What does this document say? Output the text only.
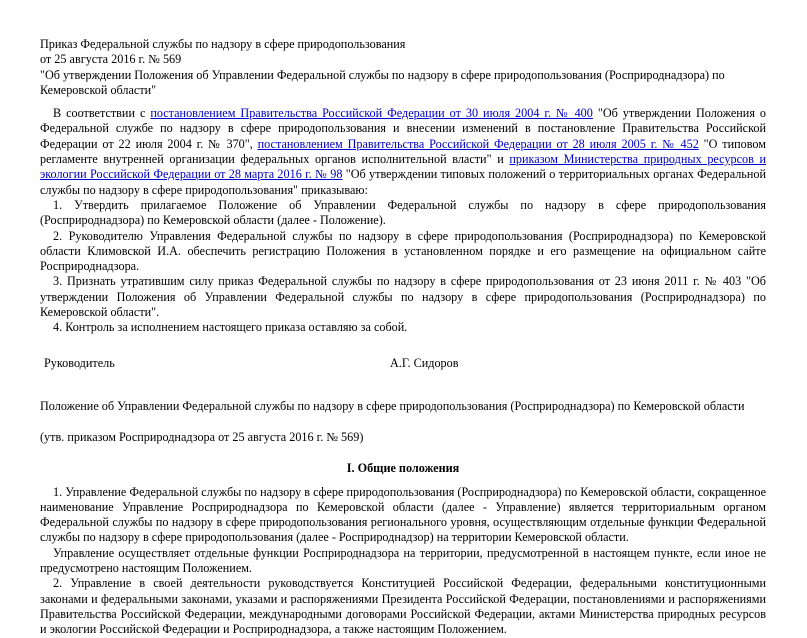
Приказ Федеральной службы по надзору в сфере природопользования

от 25 августа 2016 г. № 569

"Об утверждении Положения об Управлении Федеральной службы по надзору в сфере природопользования (Росприроднадзора) по Кемеровской области"

В соответствии с постановлением Правительства Российской Федерации от 30 июля 2004 г. № 400 "Об утверждении Положения о Федеральной службе по надзору в сфере природопользования и внесении изменений в постановление Правительства Российской Федерации от 22 июля 2004 г. № 370", постановлением Правительства Российской Федерации от 28 июля 2005 г. № 452 "О типовом регламенте внутренней организации федеральных органов исполнительной власти" и приказом Министерства природных ресурсов и экологии Российской Федерации от 28 марта 2016 г. № 98 "Об утверждении типовых положений о территориальных органах Федеральной службы по надзору в сфере природопользования" приказываю:

1. Утвердить прилагаемое Положение об Управлении Федеральной службы по надзору в сфере природопользования (Росприроднадзора) по Кемеровской области (далее - Положение).

2. Руководителю Управления Федеральной службы по надзору в сфере природопользования (Росприроднадзора) по Кемеровской области Климовской И.А. обеспечить регистрацию Положения в установленном порядке и его размещение на официальном сайте Росприроднадзора.

3. Признать утратившим силу приказ Федеральной службы по надзору в сфере природопользования от 23 июня 2011 г. № 403 "Об утверждении Положения об Управлении Федеральной службы по надзору в сфере природопользования (Росприроднадзора) по Кемеровской области".

4. Контроль за исполнением настоящего приказа оставляю за собой.

Руководитель	А.Г. Сидоров

Положение об Управлении Федеральной службы по надзору в сфере природопользования (Росприроднадзора) по Кемеровской области

(утв. приказом Росприроднадзора от 25 августа 2016 г. № 569)

I. Общие положения

1. Управление Федеральной службы по надзору в сфере природопользования (Росприроднадзора) по Кемеровской области, сокращенное наименование Управление Росприроднадзора по Кемеровской области (далее - Управление) является территориальным органом Федеральной службы по надзору в сфере природопользования регионального уровня, осуществляющим отдельные функции Федеральной службы по надзору в сфере природопользования (далее - Росприроднадзор) на территории Кемеровской области.

Управление осуществляет отдельные функции Росприроднадзора на территории, предусмотренной в настоящем пункте, если иное не предусмотрено настоящим Положением.

2. Управление в своей деятельности руководствуется Конституцией Российской Федерации, федеральными конституционными законами и федеральными законами, указами и распоряжениями Президента Российской Федерации, постановлениями и распоряжениями Правительства Российской Федерации, международными договорами Российской Федерации, актами Министерства природных ресурсов и экологии Российской Федерации и Росприроднадзора, а также настоящим Положением.
